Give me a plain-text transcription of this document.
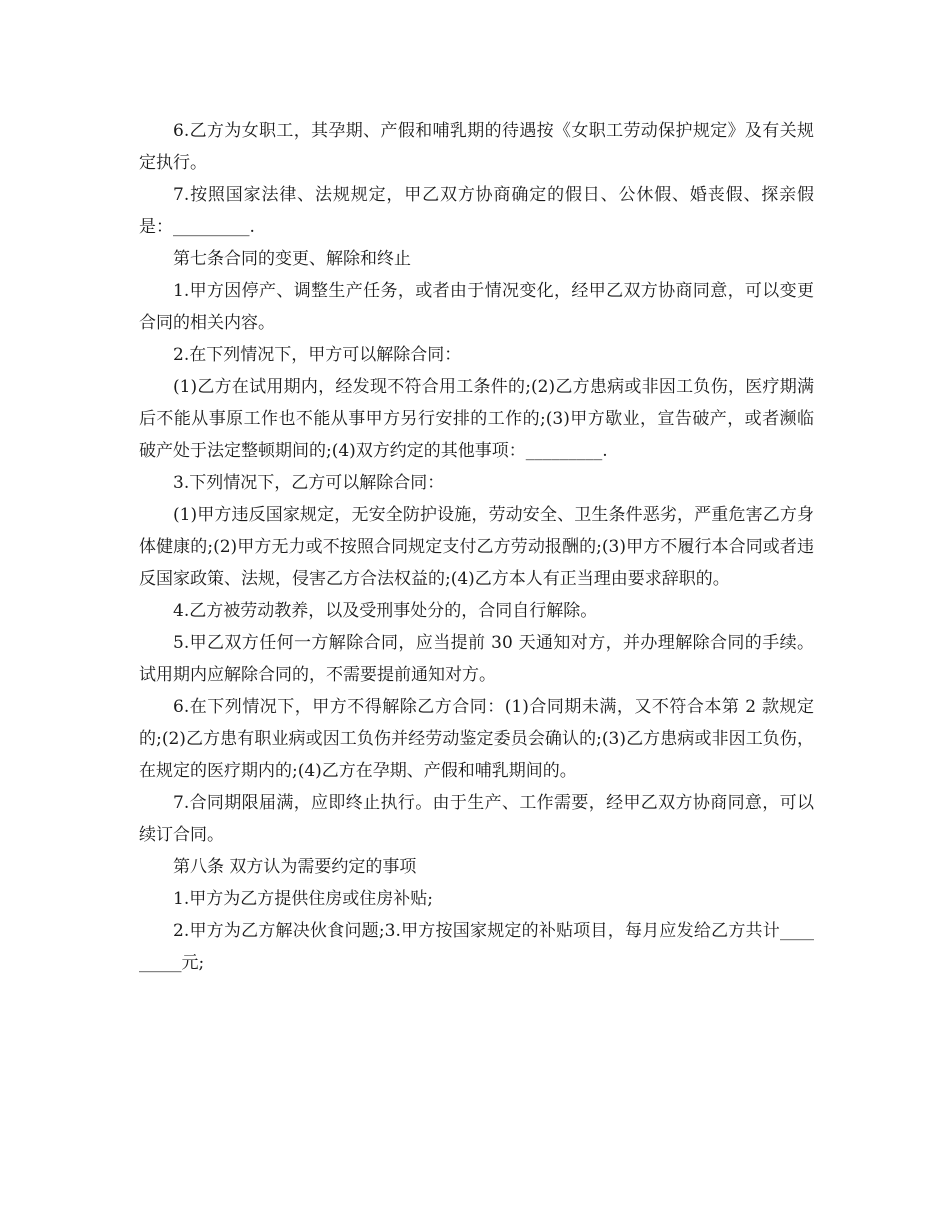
6.乙方为女职工，其孕期、产假和哺乳期的待遇按《女职工劳动保护规定》及有关规定执行。

7.按照国家法律、法规规定，甲乙双方协商确定的假日、公休假、婚丧假、探亲假是：_________.

第七条合同的变更、解除和终止

1.甲方因停产、调整生产任务，或者由于情况变化，经甲乙双方协商同意，可以变更合同的相关内容。

2.在下列情况下，甲方可以解除合同：

(1)乙方在试用期内，经发现不符合用工条件的;(2)乙方患病或非因工负伤，医疗期满后不能从事原工作也不能从事甲方另行安排的工作的;(3)甲方歇业，宣告破产，或者濒临破产处于法定整顿期间的;(4)双方约定的其他事项：_________.

3.下列情况下，乙方可以解除合同：

(1)甲方违反国家规定，无安全防护设施，劳动安全、卫生条件恶劣，严重危害乙方身体健康的;(2)甲方无力或不按照合同规定支付乙方劳动报酬的;(3)甲方不履行本合同或者违反国家政策、法规，侵害乙方合法权益的;(4)乙方本人有正当理由要求辞职的。

4.乙方被劳动教养，以及受刑事处分的，合同自行解除。

5.甲乙双方任何一方解除合同，应当提前 30 天通知对方，并办理解除合同的手续。试用期内应解除合同的，不需要提前通知对方。

6.在下列情况下，甲方不得解除乙方合同：(1)合同期未满，又不符合本第 2 款规定的;(2)乙方患有职业病或因工负伤并经劳动鉴定委员会确认的;(3)乙方患病或非因工负伤，在规定的医疗期内的;(4)乙方在孕期、产假和哺乳期间的。

7.合同期限届满，应即终止执行。由于生产、工作需要，经甲乙双方协商同意，可以续订合同。

第八条 双方认为需要约定的事项

1.甲方为乙方提供住房或住房补贴;

2.甲方为乙方解决伙食问题;3.甲方按国家规定的补贴项目，每月应发给乙方共计_________元;
